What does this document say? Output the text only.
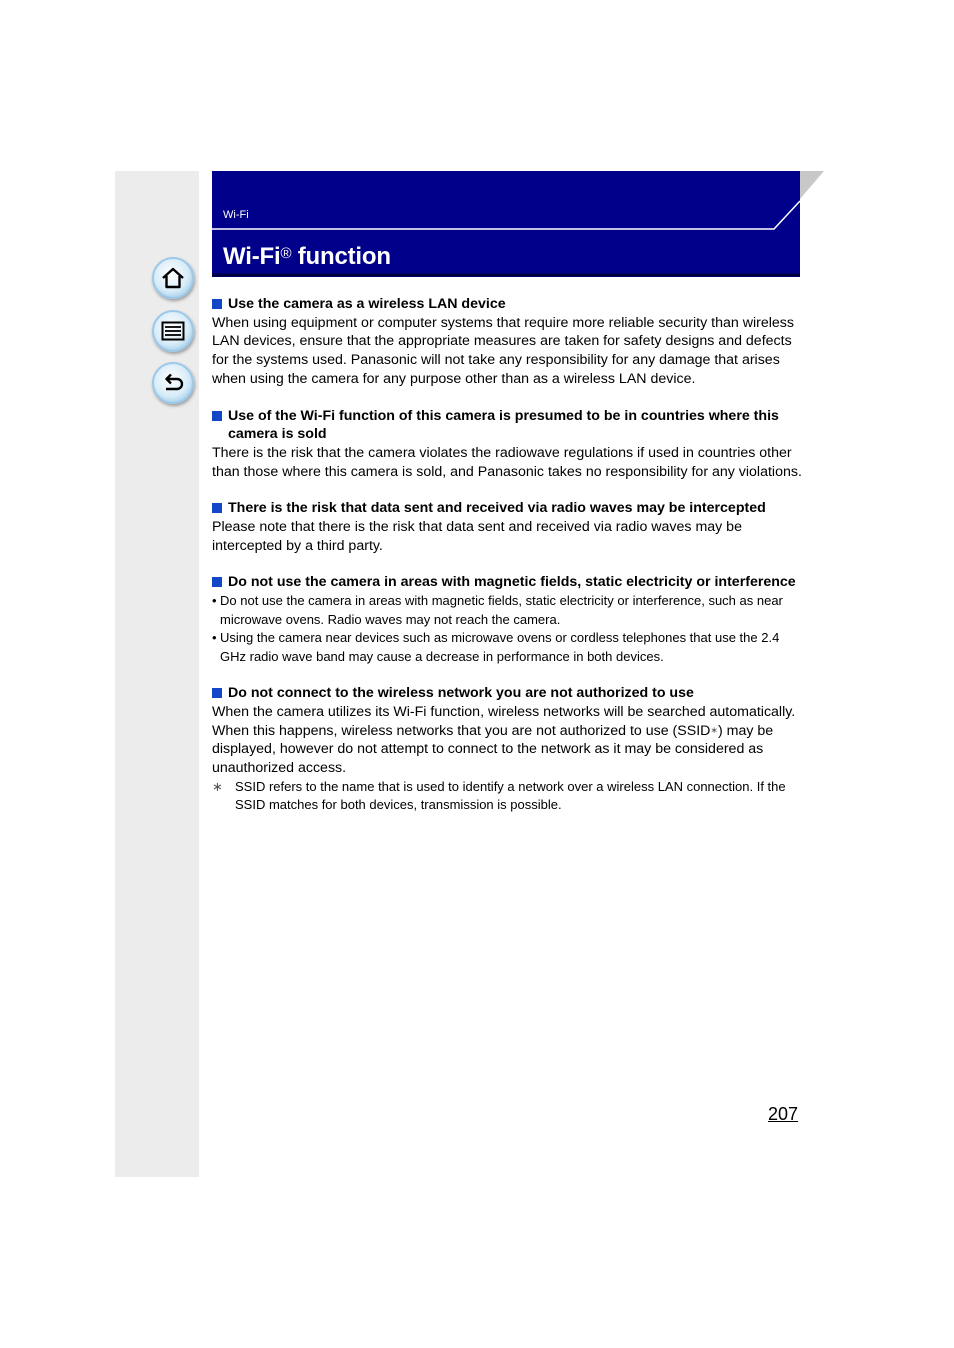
Wi-Fi
Wi-Fi® function
Use the camera as a wireless LAN device

When using equipment or computer systems that require more reliable security than wireless LAN devices, ensure that the appropriate measures are taken for safety designs and defects for the systems used. Panasonic will not take any responsibility for any damage that arises when using the camera for any purpose other than as a wireless LAN device.

Use of the Wi-Fi function of this camera is presumed to be in countries where this camera is sold

There is the risk that the camera violates the radiowave regulations if used in countries other than those where this camera is sold, and Panasonic takes no responsibility for any violations.

There is the risk that data sent and received via radio waves may be intercepted

Please note that there is the risk that data sent and received via radio waves may be intercepted by a third party.

Do not use the camera in areas with magnetic fields, static electricity or interference
• Do not use the camera in areas with magnetic fields, static electricity or interference, such as near microwave ovens. Radio waves may not reach the camera.
• Using the camera near devices such as microwave ovens or cordless telephones that use the 2.4 GHz radio wave band may cause a decrease in performance in both devices.
Do not connect to the wireless network you are not authorized to use

When the camera utilizes its Wi-Fi function, wireless networks will be searched automatically. When this happens, wireless networks that you are not authorized to use (SSID∗) may be displayed, however do not attempt to connect to the network as it may be considered as unauthorized access.

∗ SSID refers to the name that is used to identify a network over a wireless LAN connection. If the SSID matches for both devices, transmission is possible.
207
